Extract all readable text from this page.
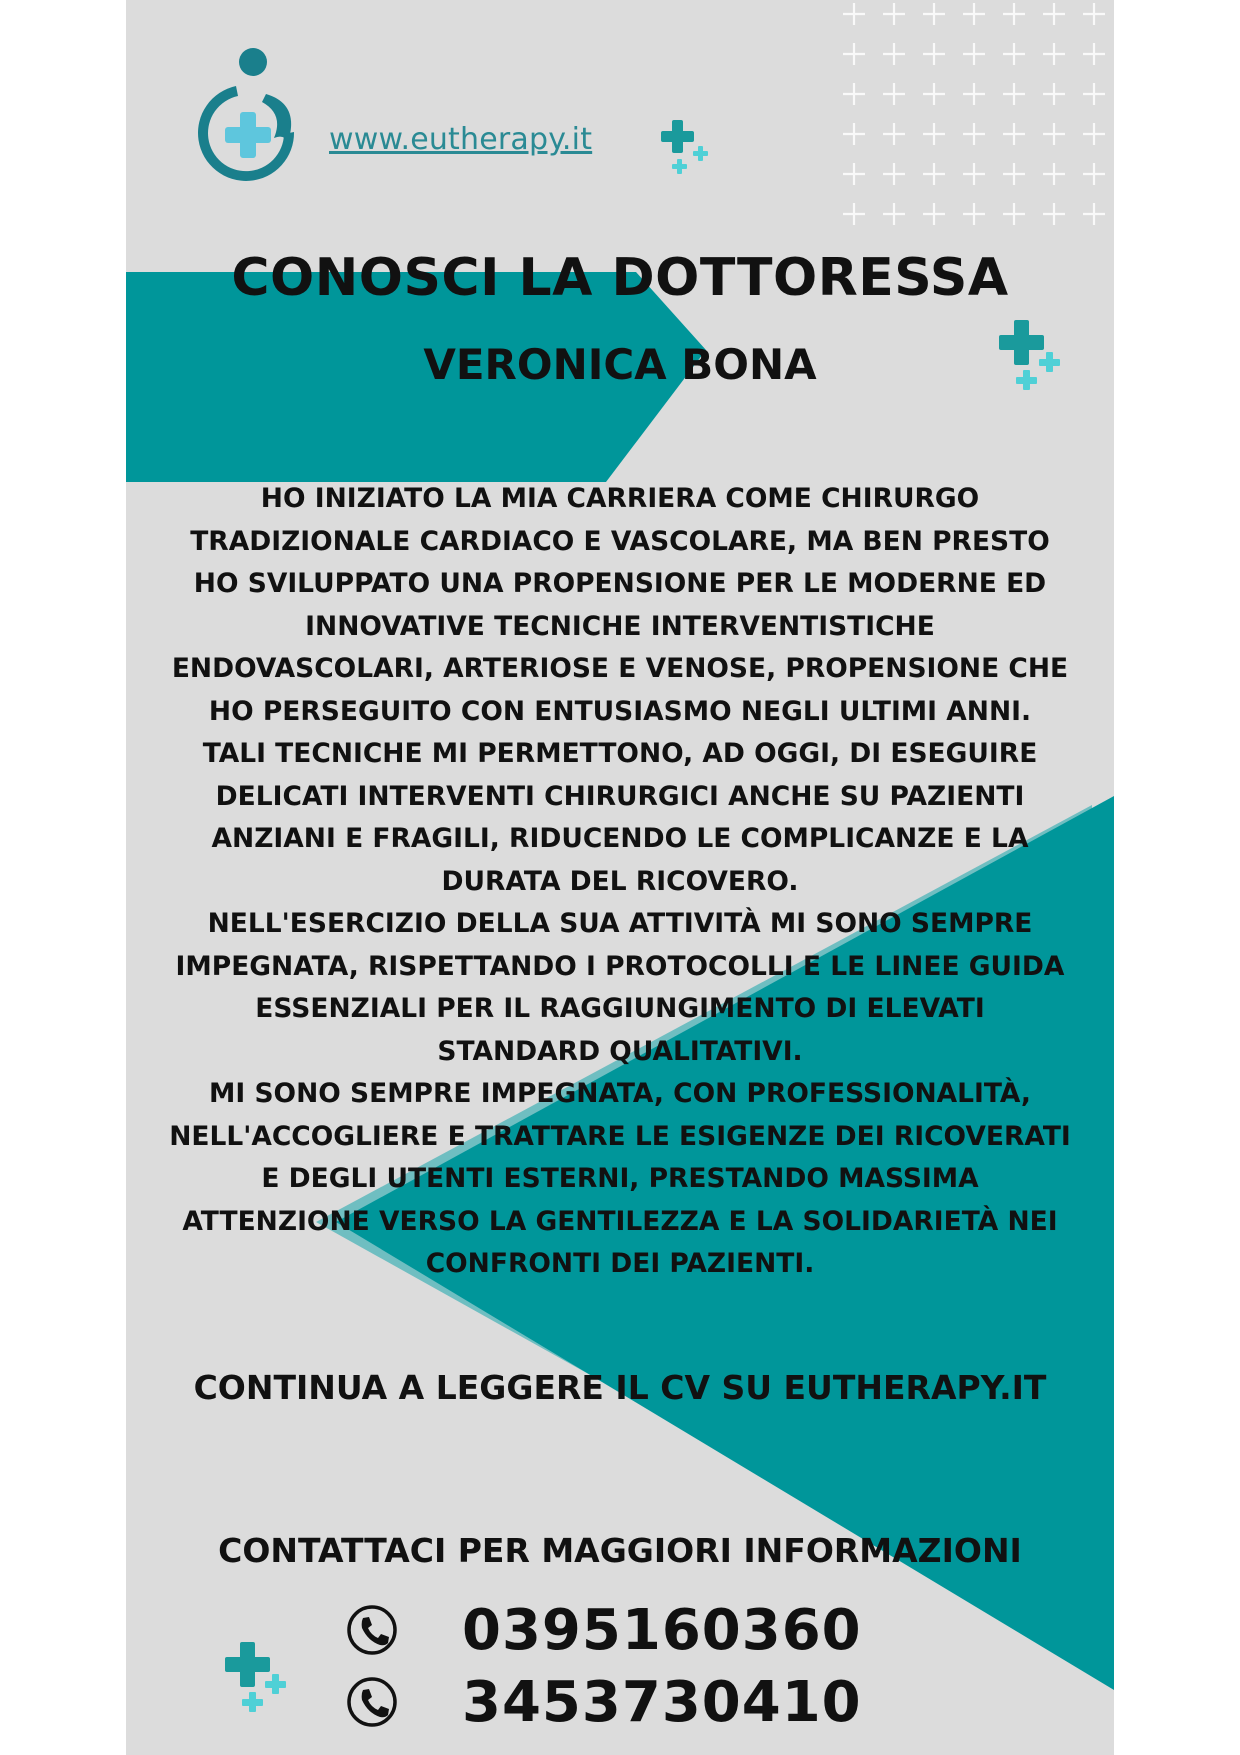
www.eutherapy.it
CONOSCI LA DOTTORESSA
VERONICA BONA
HO INIZIATO LA MIA CARRIERA COME CHIRURGO
TRADIZIONALE CARDIACO E VASCOLARE, MA BEN PRESTO
HO SVILUPPATO UNA PROPENSIONE PER LE MODERNE ED
INNOVATIVE TECNICHE INTERVENTISTICHE
ENDOVASCOLARI, ARTERIOSE E VENOSE, PROPENSIONE CHE
HO PERSEGUITO CON ENTUSIASMO NEGLI ULTIMI ANNI.
TALI TECNICHE MI PERMETTONO, AD OGGI, DI ESEGUIRE
DELICATI INTERVENTI CHIRURGICI ANCHE SU PAZIENTI
ANZIANI E FRAGILI, RIDUCENDO LE COMPLICANZE E LA
DURATA DEL RICOVERO.
NELL'ESERCIZIO DELLA SUA ATTIVITÀ MI SONO SEMPRE
IMPEGNATA, RISPETTANDO I PROTOCOLLI E LE LINEE GUIDA
ESSENZIALI PER IL RAGGIUNGIMENTO DI ELEVATI
STANDARD QUALITATIVI.
MI SONO SEMPRE IMPEGNATA, CON PROFESSIONALITÀ,
NELL'ACCOGLIERE E TRATTARE LE ESIGENZE DEI RICOVERATI
E DEGLI UTENTI ESTERNI, PRESTANDO MASSIMA
ATTENZIONE VERSO LA GENTILEZZA E LA SOLIDARIETÀ NEI
CONFRONTI DEI PAZIENTI.

CONTINUA A LEGGERE IL CV SU EUTHERAPY.IT

CONTATTACI PER MAGGIORI INFORMAZIONI

0395160360
3453730410
